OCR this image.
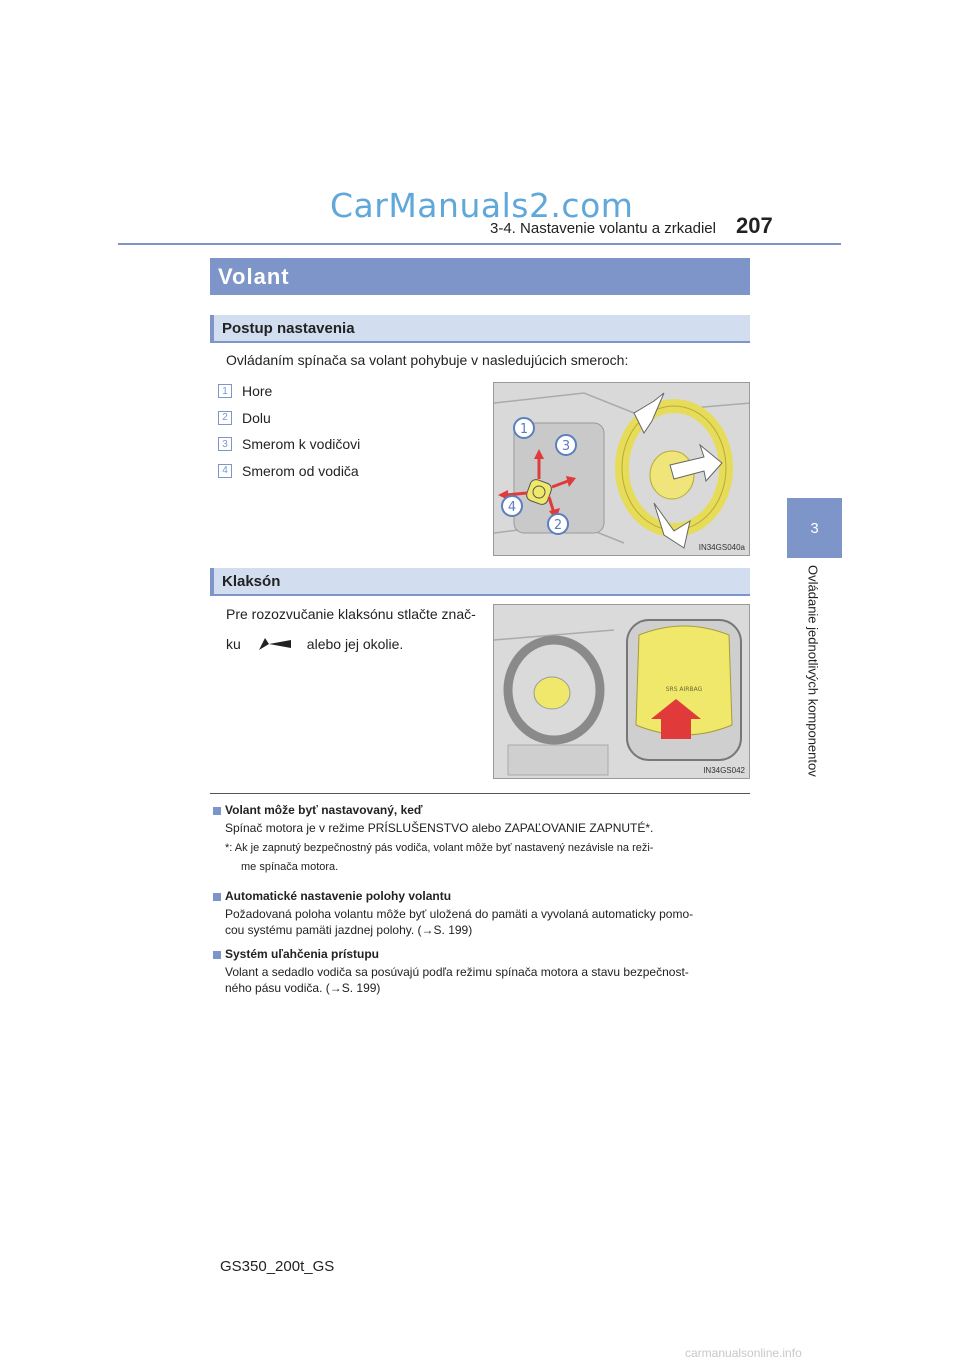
CarManuals2.com
3-4. Nastavenie volantu a zrkadiel 207
3
Ovládanie jednotlivých komponentov
Volant
Postup nastavenia
Ovládaním spínača sa volant pohybuje v nasledujúcich smeroch:
1	Hore
2	Dolu
3	Smerom k vodičovi
4	Smerom od vodiča
1
3
4
2
IN34GS040a
Klaksón
Pre rozozvučanie klaksónu stlačte znač-
ku	alebo jej okolie.
SRS AIRBAG
IN34GS042
Volant môže byť nastavovaný, keď
Spínač motora je v režime PRÍSLUŠENSTVO alebo ZAPAĽOVANIE ZAPNUTÉ*.
*: Ak je zapnutý bezpečnostný pás vodiča, volant môže byť nastavený nezávisle na reži-
me spínača motora.
Automatické nastavenie polohy volantu
Požadovaná poloha volantu môže byť uložená do pamäti a vyvolaná automaticky pomo-
cou systému pamäti jazdnej polohy. (→S. 199)
Systém uľahčenia prístupu
Volant a sedadlo vodiča sa posúvajú podľa režimu spínača motora a stavu bezpečnost-
ného pásu vodiča. (→S. 199)
GS350_200t_GS
carmanualsonline.info
